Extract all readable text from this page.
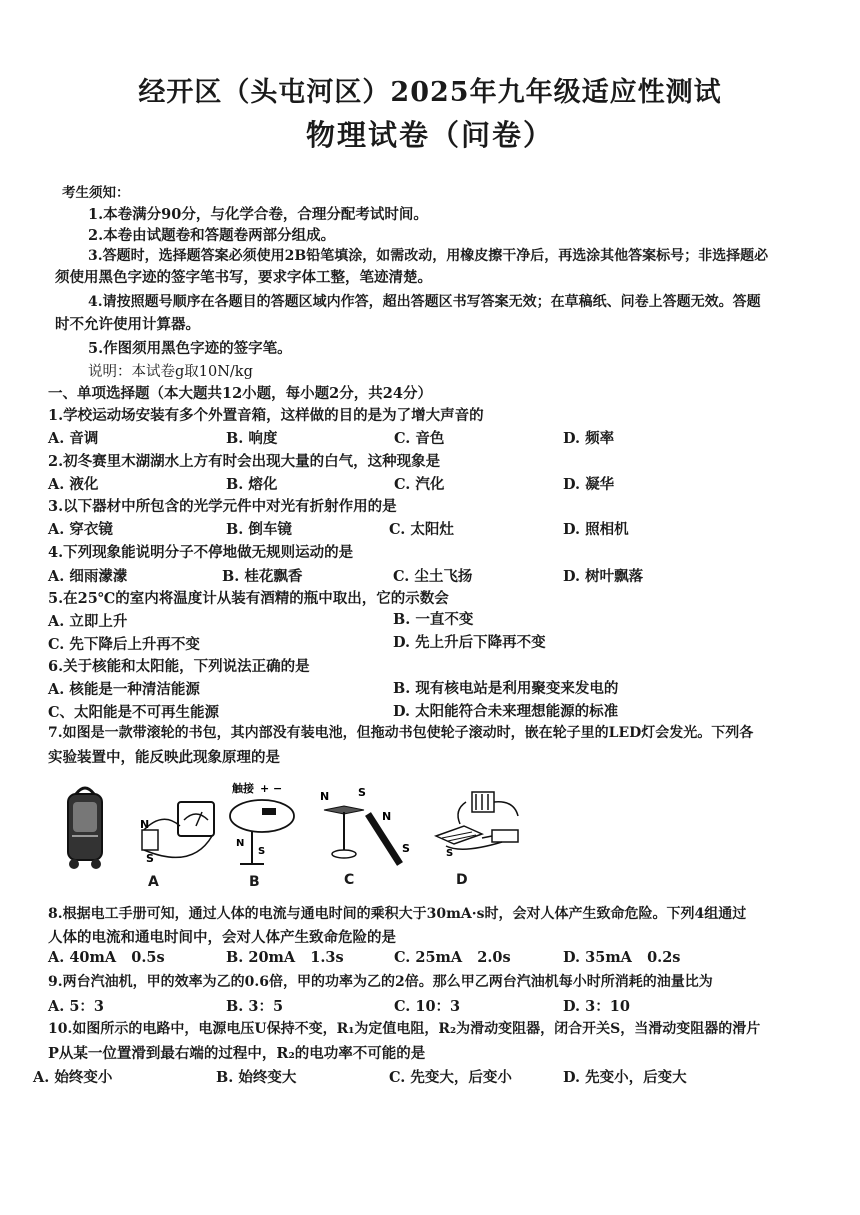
经开区（头屯河区）2025年九年级适应性测试
物理试卷（问卷）
考生须知：
1.本卷满分90分，与化学合卷，合理分配考试时间。
2.本卷由试题卷和答题卷两部分组成。
3.答题时，选择题答案必须使用2B铅笔填涂，如需改动，用橡皮擦干净后，再选涂其他答案标号；非选择题必
须使用黑色字迹的签字笔书写，要求字体工整，笔迹清楚。
4.请按照题号顺序在各题目的答题区域内作答，超出答题区书写答案无效；在草稿纸、问卷上答题无效。答题
时不允许使用计算器。
5.作图须用黑色字迹的签字笔。
说明：本试卷g取10N/kg
一、单项选择题（本大题共12小题，每小题2分，共24分）
1.学校运动场安装有多个外置音箱，这样做的目的是为了增大声音的
A. 音调	B. 响度	C. 音色	D. 频率
2.初冬赛里木湖湖水上方有时会出现大量的白气，这种现象是
A. 液化	B. 熔化	C. 汽化	D. 凝华
3.以下器材中所包含的光学元件中对光有折射作用的是
A. 穿衣镜	B. 倒车镜	C. 太阳灶	D. 照相机
4.下列现象能说明分子不停地做无规则运动的是
A. 细雨濛濛	B. 桂花飘香	C. 尘土飞扬	D. 树叶飘落
5.在25℃的室内将温度计从装有酒精的瓶中取出，它的示数会
A. 立即上升	B. 一直不变
C. 先下降后上升再不变	D. 先上升后下降再不变
6.关于核能和太阳能，下列说法正确的是
A. 核能是一种清洁能源	B. 现有核电站是利用聚变来发电的
C、太阳能是不可再生能源	D. 太阳能符合未来理想能源的标准
7.如图是一款带滚轮的书包，其内部没有装电池，但拖动书包使轮子滚动时，嵌在轮子里的LED灯会发光。下列各
实验装置中，能反映此现象原理的是
N
S
触接 + −
N
S
N	S
N
S	S
A	B	C	D
8.根据电工手册可知，通过人体的电流与通电时间的乘积大于30mA·s时，会对人体产生致命危险。下列4组通过
人体的电流和通电时间中，会对人体产生致命危险的是
A. 40mA   0.5s	B. 20mA   1.3s	C. 25mA   2.0s	D. 35mA   0.2s
9.两台汽油机，甲的效率为乙的0.6倍，甲的功率为乙的2倍。那么甲乙两台汽油机每小时所消耗的油量比为
A. 5：3	B. 3：5	C. 10：3	D. 3：10
10.如图所示的电路中，电源电压U保持不变，R₁为定值电阻，R₂为滑动变阻器，闭合开关S，当滑动变阻器的滑片
P从某一位置滑到最右端的过程中，R₂的电功率不可能的是
A. 始终变小	B. 始终变大	C. 先变大，后变小	D. 先变小，后变大
